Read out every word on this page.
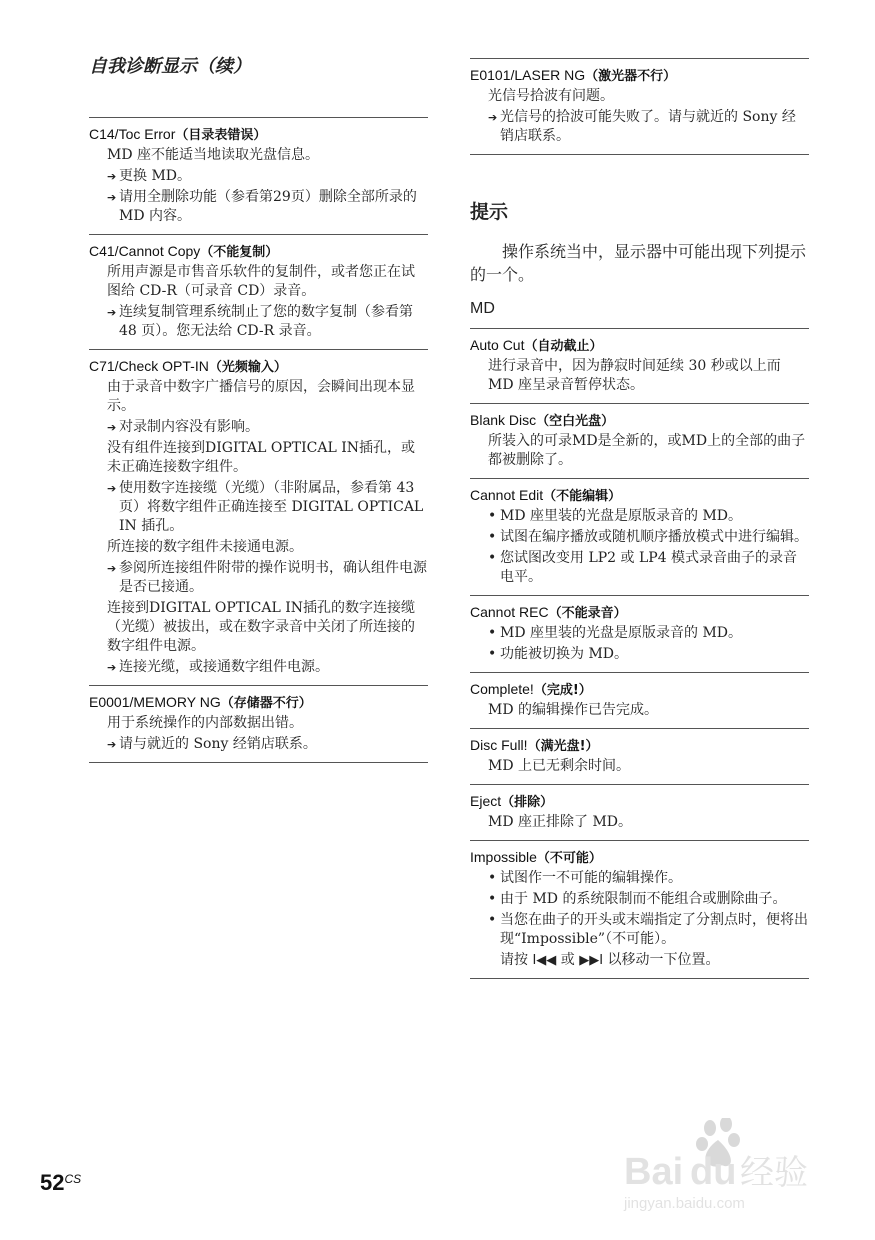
自我诊断显示（续）

C14/Toc Error（目录表错误）

MD 座不能适当地读取光盘信息。

➔ 更换 MD。

➔ 请用全删除功能（参看第29页）删除全部所录的 MD 内容。

C41/Cannot Copy（不能复制）

所用声源是市售音乐软件的复制件，或者您正在试图给 CD-R（可录音 CD）录音。

➔ 连续复制管理系统制止了您的数字复制（参看第 48 页）。您无法给 CD-R 录音。

C71/Check OPT-IN（光频输入）

由于录音中数字广播信号的原因，会瞬间出现本显示。

➔ 对录制内容没有影响。

没有组件连接到DIGITAL OPTICAL IN插孔，或未正确连接数字组件。

➔ 使用数字连接缆（光缆）（非附属品，参看第 43 页）将数字组件正确连接至 DIGITAL OPTICAL IN 插孔。

所连接的数字组件未接通电源。

➔ 参阅所连接组件附带的操作说明书，确认组件电源是否已接通。

连接到DIGITAL OPTICAL IN插孔的数字连接缆（光缆）被拔出，或在数字录音中关闭了所连接的数字组件电源。

➔ 连接光缆，或接通数字组件电源。

E0001/MEMORY NG（存储器不行）

用于系统操作的内部数据出错。

➔ 请与就近的 Sony 经销店联系。

E0101/LASER NG（激光器不行）

光信号拾波有问题。

➔ 光信号的拾波可能失败了。请与就近的 Sony 经销店联系。

提示

操作系统当中，显示器中可能出现下列提示的一个。

MD

Auto Cut（自动截止）

进行录音中，因为静寂时间延续 30 秒或以上而 MD 座呈录音暂停状态。

Blank Disc（空白光盘）

所装入的可录MD是全新的，或MD上的全部的曲子都被删除了。

Cannot Edit（不能编辑）

• MD 座里装的光盘是原版录音的 MD。

• 试图在编序播放或随机顺序播放模式中进行编辑。

• 您试图改变用 LP2 或 LP4 模式录音曲子的录音电平。

Cannot REC（不能录音）

• MD 座里装的光盘是原版录音的 MD。

• 功能被切换为 MD。

Complete!（完成!）

MD 的编辑操作已告完成。

Disc Full!（满光盘!）

MD 上已无剩余时间。

Eject（排除）

MD 座正排除了 MD。

Impossible（不可能）

• 试图作一不可能的编辑操作。

• 由于 MD 的系统限制而不能组合或删除曲子。

• 当您在曲子的开头或末端指定了分割点时，便将出现“Impossible”（不可能）。

请按 I◀◀ 或 ▶▶I 以移动一下位置。

$52^{CS}$	Bai du 经验
jingyan.baidu.com
